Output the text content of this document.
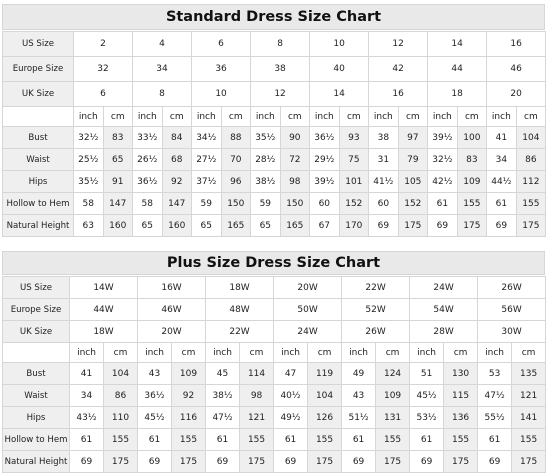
Standard Dress Size Chart
US Size	2		4		6		8		10		12		14		16	
Europe Size	32		34		36		38		40		42		44		46	
UK Size	6		8		10		12		14		16		18		20	
	inch	cm	inch	cm	inch	cm	inch	cm	inch	cm	inch	cm	inch	cm	inch	cm
Bust	32½	83	33½	84	34½	88	35½	90	36½	93	38	97	39½	100	41	104
Waist	25½	65	26½	68	27½	70	28½	72	29½	75	31	79	32½	83	34	86
Hips	35½	91	36½	92	37½	96	38½	98	39½	101	41½	105	42½	109	44½	112
Hollow to Hem	58	147	58	147	59	150	59	150	60	152	60	152	61	155	61	155
Natural Height	63	160	65	160	65	165	65	165	67	170	69	175	69	175	69	175
Plus Size Dress Size Chart
US Size	14W		16W		18W		20W		22W		24W		26W	
Europe Size	44W		46W		48W		50W		52W		54W		56W	
UK Size	18W		20W		22W		24W		26W		28W		30W	
	inch	cm	inch	cm	inch	cm	inch	cm	inch	cm	inch	cm	inch	cm
Bust	41	104	43	109	45	114	47	119	49	124	51	130	53	135
Waist	34	86	36½	92	38½	98	40½	104	43	109	45½	115	47½	121
Hips	43½	110	45½	116	47½	121	49½	126	51½	131	53½	136	55½	141
Hollow to Hem	61	155	61	155	61	155	61	155	61	155	61	155	61	155
Natural Height	69	175	69	175	69	175	69	175	69	175	69	175	69	175
